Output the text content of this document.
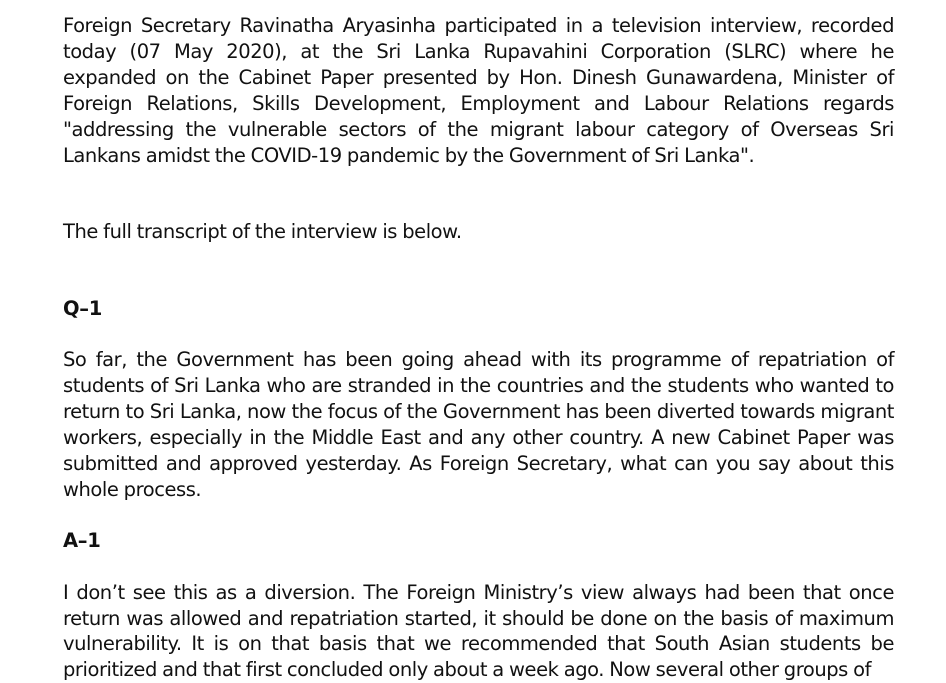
Foreign Secretary Ravinatha Aryasinha participated in a television interview, recorded today (07 May 2020), at the Sri Lanka Rupavahini Corporation (SLRC) where he expanded on the Cabinet Paper presented by Hon. Dinesh Gunawardena, Minister of Foreign Relations, Skills Development, Employment and Labour Relations regards "addressing the vulnerable sectors of the migrant labour category of Overseas Sri Lankans amidst the COVID-19 pandemic by the Government of Sri Lanka".

The full transcript of the interview is below.

Q–1

So far, the Government has been going ahead with its programme of repatriation of students of Sri Lanka who are stranded in the countries and the students who wanted to return to Sri Lanka, now the focus of the Government has been diverted towards migrant workers, especially in the Middle East and any other country. A new Cabinet Paper was submitted and approved yesterday. As Foreign Secretary, what can you say about this whole process.

A–1

I don’t see this as a diversion. The Foreign Ministry’s view always had been that once return was allowed and repatriation started, it should be done on the basis of maximum vulnerability. It is on that basis that we recommended that South Asian students be prioritized and that first concluded only about a week ago. Now several other groups of
